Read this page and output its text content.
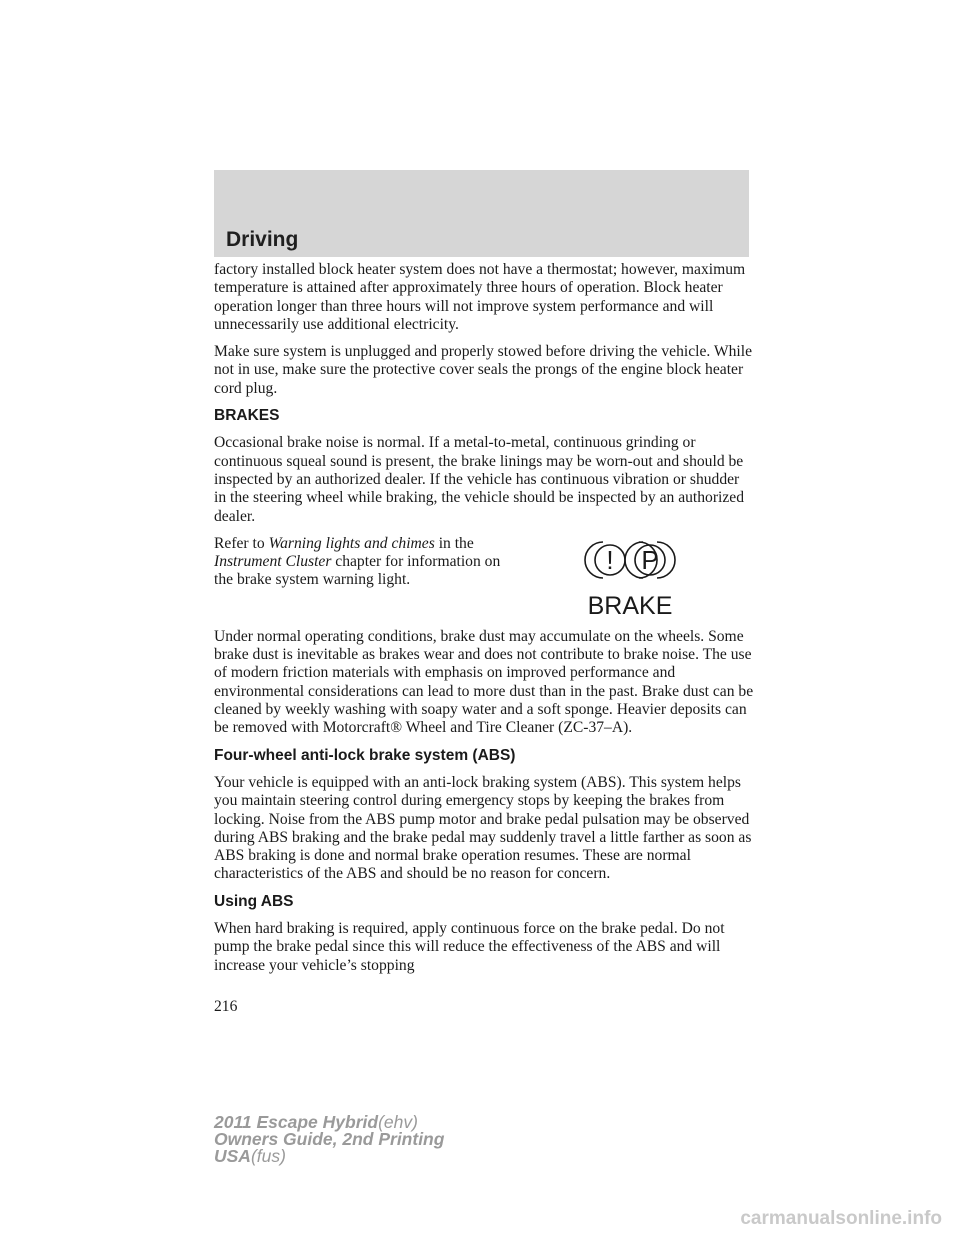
Driving

factory installed block heater system does not have a thermostat; however, maximum temperature is attained after approximately three hours of operation. Block heater operation longer than three hours will not improve system performance and will unnecessarily use additional electricity.

Make sure system is unplugged and properly stowed before driving the vehicle. While not in use, make sure the protective cover seals the prongs of the engine block heater cord plug.

BRAKES

Occasional brake noise is normal. If a metal-to-metal, continuous grinding or continuous squeal sound is present, the brake linings may be worn-out and should be inspected by an authorized dealer. If the vehicle has continuous vibration or shudder in the steering wheel while braking, the vehicle should be inspected by an authorized dealer.

Refer to Warning lights and chimes in the Instrument Cluster chapter for information on the brake system warning light.

! P
BRAKE

Under normal operating conditions, brake dust may accumulate on the wheels. Some brake dust is inevitable as brakes wear and does not contribute to brake noise. The use of modern friction materials with emphasis on improved performance and environmental considerations can lead to more dust than in the past. Brake dust can be cleaned by weekly washing with soapy water and a soft sponge. Heavier deposits can be removed with Motorcraft® Wheel and Tire Cleaner (ZC-37–A).

Four-wheel anti-lock brake system (ABS)

Your vehicle is equipped with an anti-lock braking system (ABS). This system helps you maintain steering control during emergency stops by keeping the brakes from locking. Noise from the ABS pump motor and brake pedal pulsation may be observed during ABS braking and the brake pedal may suddenly travel a little farther as soon as ABS braking is done and normal brake operation resumes. These are normal characteristics of the ABS and should be no reason for concern.

Using ABS

When hard braking is required, apply continuous force on the brake pedal. Do not pump the brake pedal since this will reduce the effectiveness of the ABS and will increase your vehicle’s stopping

216
2011 Escape Hybrid(ehv)
Owners Guide, 2nd Printing
USA(fus)
carmanualsonline.info
